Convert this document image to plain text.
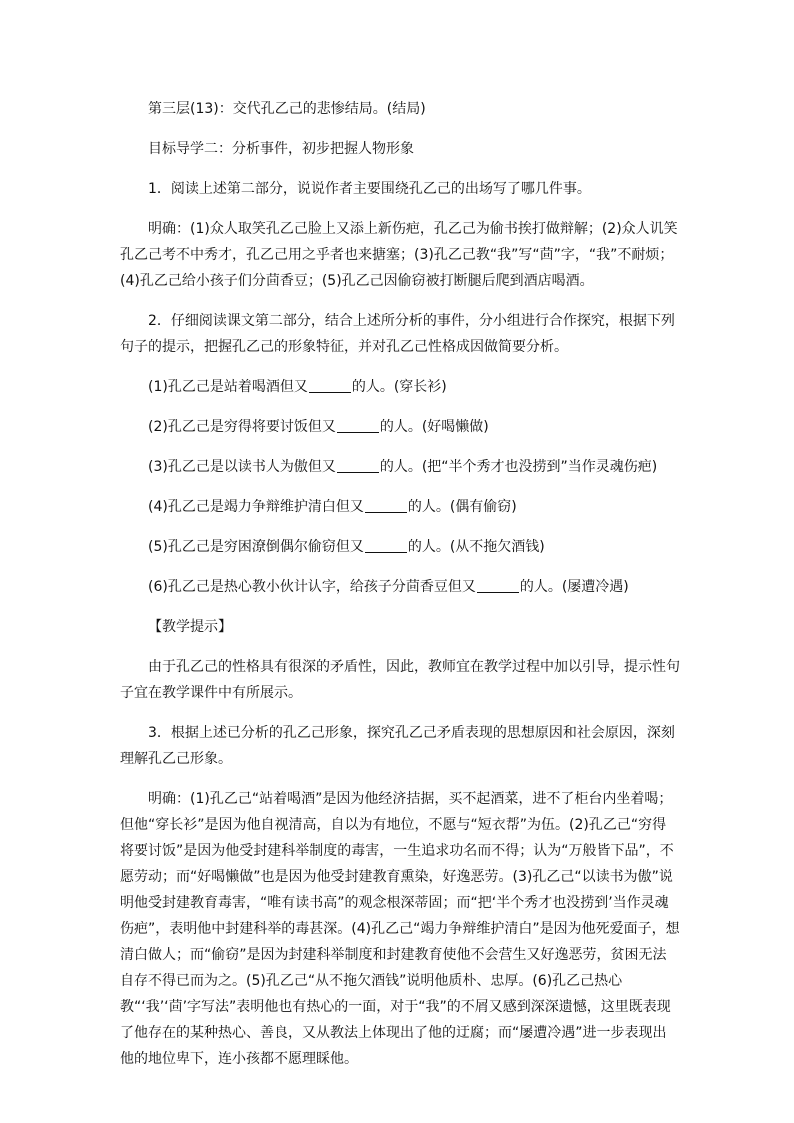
第三层(13)：交代孔乙己的悲惨结局。(结局)

目标导学二：分析事件，初步把握人物形象

1．阅读上述第二部分，说说作者主要围绕孔乙己的出场写了哪几件事。

明确：(1)众人取笑孔乙己脸上又添上新伤疤，孔乙己为偷书挨打做辩解；(2)众人讥笑孔乙己考不中秀才，孔乙己用之乎者也来搪塞；(3)孔乙己教“我”写“茴”字，“我”不耐烦；(4)孔乙己给小孩子们分茴香豆；(5)孔乙己因偷窃被打断腿后爬到酒店喝酒。

2．仔细阅读课文第二部分，结合上述所分析的事件，分小组进行合作探究，根据下列句子的提示，把握孔乙己的形象特征，并对孔乙己性格成因做简要分析。

(1)孔乙己是站着喝酒但又	的人。(穿长衫)

(2)孔乙己是穷得将要讨饭但又	的人。(好喝懒做)

(3)孔乙己是以读书人为傲但又	的人。(把“半个秀才也没捞到”当作灵魂伤疤)

(4)孔乙己是竭力争辩维护清白但又	的人。(偶有偷窃)

(5)孔乙己是穷困潦倒偶尔偷窃但又	的人。(从不拖欠酒钱)

(6)孔乙己是热心教小伙计认字，给孩子分茴香豆但又	的人。(屡遭冷遇)

【教学提示】

由于孔乙己的性格具有很深的矛盾性，因此，教师宜在教学过程中加以引导，提示性句子宜在教学课件中有所展示。

3．根据上述已分析的孔乙己形象，探究孔乙己矛盾表现的思想原因和社会原因，深刻理解孔乙己形象。

明确：(1)孔乙己“站着喝酒”是因为他经济拮据，买不起酒菜，进不了柜台内坐着喝；但他“穿长衫”是因为他自视清高，自以为有地位，不愿与“短衣帮”为伍。(2)孔乙己“穷得将要讨饭”是因为他受封建科举制度的毒害，一生追求功名而不得；认为“万般皆下品”，不愿劳动；而“好喝懒做”也是因为他受封建教育熏染，好逸恶劳。(3)孔乙己“以读书为傲”说明他受封建教育毒害，“唯有读书高”的观念根深蒂固；而“把‘半个秀才也没捞到’当作灵魂伤疤”，表明他中封建科举的毒甚深。(4)孔乙己“竭力争辩维护清白”是因为他死爱面子，想清白做人；而“偷窃”是因为封建科举制度和封建教育使他不会营生又好逸恶劳，贫困无法自存不得已而为之。(5)孔乙己“从不拖欠酒钱”说明他质朴、忠厚。(6)孔乙己热心教“‘我’‘茴’字写法”表明他也有热心的一面，对于“我”的不屑又感到深深遗憾，这里既表现了他存在的某种热心、善良，又从教法上体现出了他的迂腐；而“屡遭冷遇”进一步表现出他的地位卑下，连小孩都不愿理睬他。
